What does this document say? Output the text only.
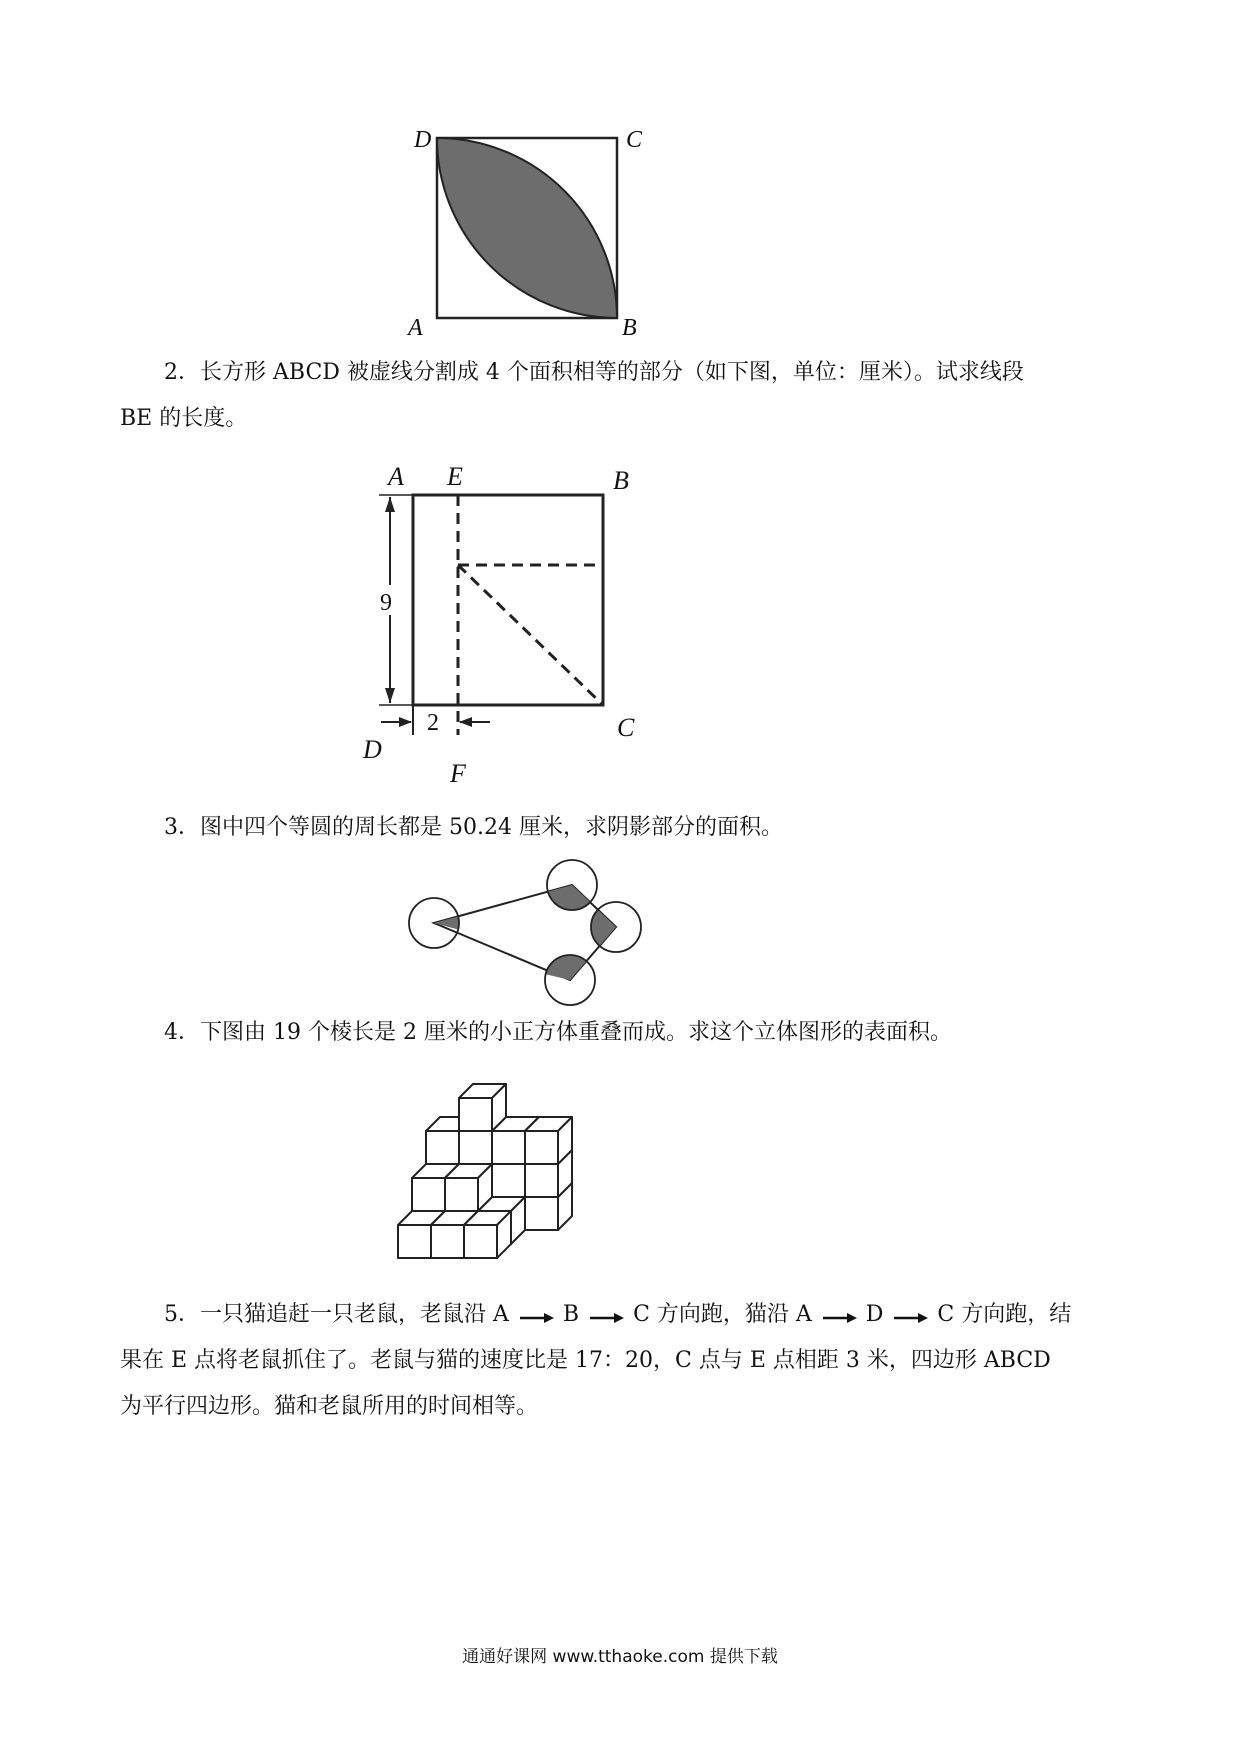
D	C
A	B

2．长方形 ABCD 被虚线分割成 4 个面积相等的部分（如下图，单位：厘米）。试求线段
BE 的长度。

9
2
A E	B
C
D
F

3．图中四个等圆的周长都是 50.24 厘米，求阴影部分的面积。

4．下图由 19 个棱长是 2 厘米的小正方体重叠而成。求这个立体图形的表面积。

5．一只猫追赶一只老鼠，老鼠沿 A B C 方向跑，猫沿 A D C 方向跑，结
果在 E 点将老鼠抓住了。老鼠与猫的速度比是 17：20，C 点与 E 点相距 3 米，四边形 ABCD
为平行四边形。猫和老鼠所用的时间相等。

通通好课网 www.tthaoke.com 提供下载
